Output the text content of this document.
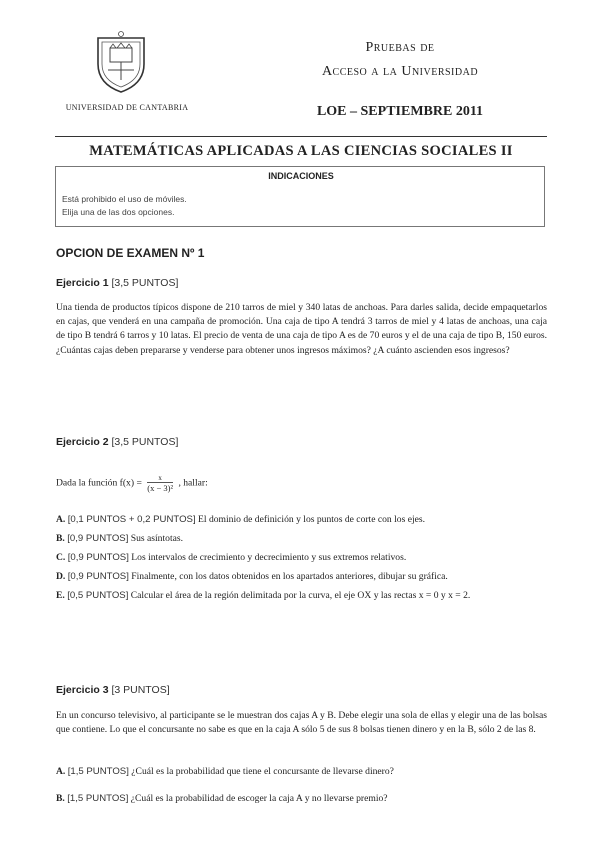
UNIVERSIDAD DE CANTABRIA
Pruebas de
Acceso a la Universidad
LOE – SEPTIEMBRE 2011
MATEMÁTICAS APLICADAS A LAS CIENCIAS SOCIALES II
INDICACIONES
Está prohibido el uso de móviles.
Elija una de las dos opciones.
OPCION DE EXAMEN Nº 1
Ejercicio 1 [3,5 PUNTOS]
Una tienda de productos típicos dispone de 210 tarros de miel y 340 latas de anchoas. Para darles salida, decide empaquetarlos en cajas, que venderá en una campaña de promoción. Una caja de tipo A tendrá 3 tarros de miel y 4 latas de anchoas, una caja de tipo B tendrá 6 tarros y 10 latas. El precio de venta de una caja de tipo A es de 70 euros y el de una caja de tipo B, 150 euros. ¿Cuántas cajas deben prepararse y venderse para obtener unos ingresos máximos? ¿A cuánto ascienden esos ingresos?
Ejercicio 2 [3,5 PUNTOS]
Dada la función $f(x) = \frac{x}{\text{(x − 3)²}}$ , hallar:
A. [0,1 PUNTOS + 0,2 PUNTOS] El dominio de definición y los puntos de corte con los ejes.
B. [0,9 PUNTOS] Sus asíntotas.
C. [0,9 PUNTOS] Los intervalos de crecimiento y decrecimiento y sus extremos relativos.
D. [0,9 PUNTOS] Finalmente, con los datos obtenidos en los apartados anteriores, dibujar su gráfica.
E. [0,5 PUNTOS] Calcular el área de la región delimitada por la curva, el eje OX y las rectas x = 0 y x = 2.
Ejercicio 3 [3 PUNTOS]
En un concurso televisivo, al participante se le muestran dos cajas A y B. Debe elegir una sola de ellas y elegir una de las bolsas que contiene. Lo que el concursante no sabe es que en la caja A sólo 5 de sus 8 bolsas tienen dinero y en la B, sólo 2 de las 8.
A. [1,5 PUNTOS] ¿Cuál es la probabilidad que tiene el concursante de llevarse dinero?
B. [1,5 PUNTOS] ¿Cuál es la probabilidad de escoger la caja A y no llevarse premio?
